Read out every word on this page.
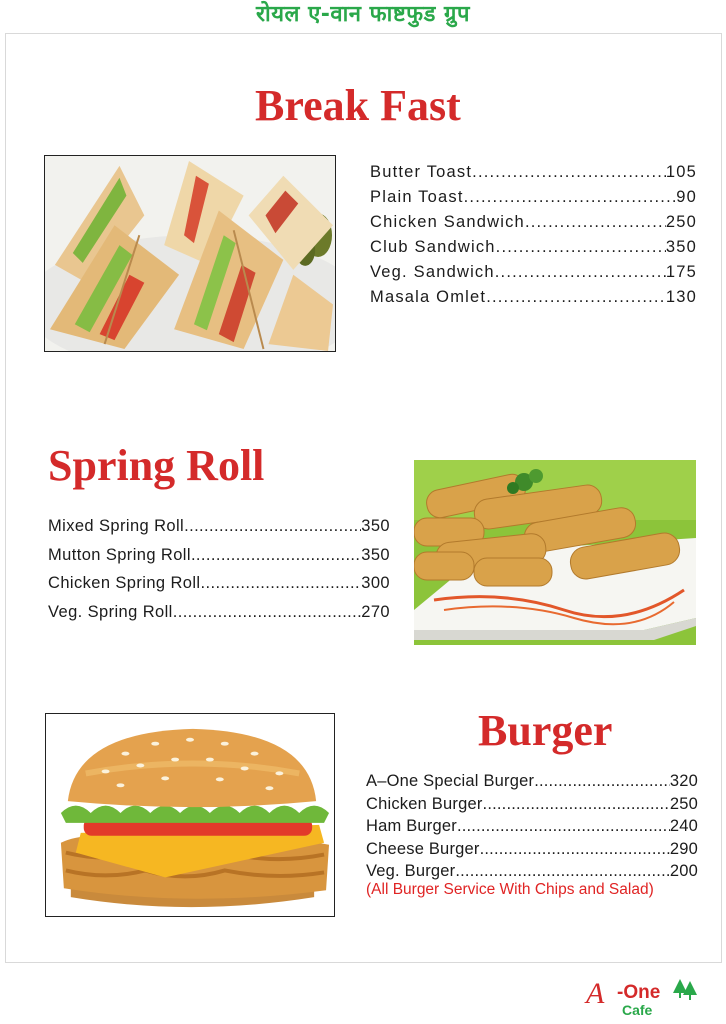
रोयल ए-वान फाष्टफुड ग्रुप
Break Fast
Butter Toast .....	105
Plain Toast .....	90
Chicken Sandwich .....	250
Club Sandwich .....	350
Veg. Sandwich .....	175
Masala Omlet .....	130
Spring Roll
Mixed Spring Roll .....	350
Mutton Spring Roll .....	350
Chicken Spring Roll .....	300
Veg. Spring Roll .....	270
Burger
A–One Special Burger .....	320
Chicken Burger .....	250
Ham Burger .....	240
Cheese Burger .....	290
Veg. Burger .....	200
(All Burger Service With Chips and Salad)
A -One
Cafe
